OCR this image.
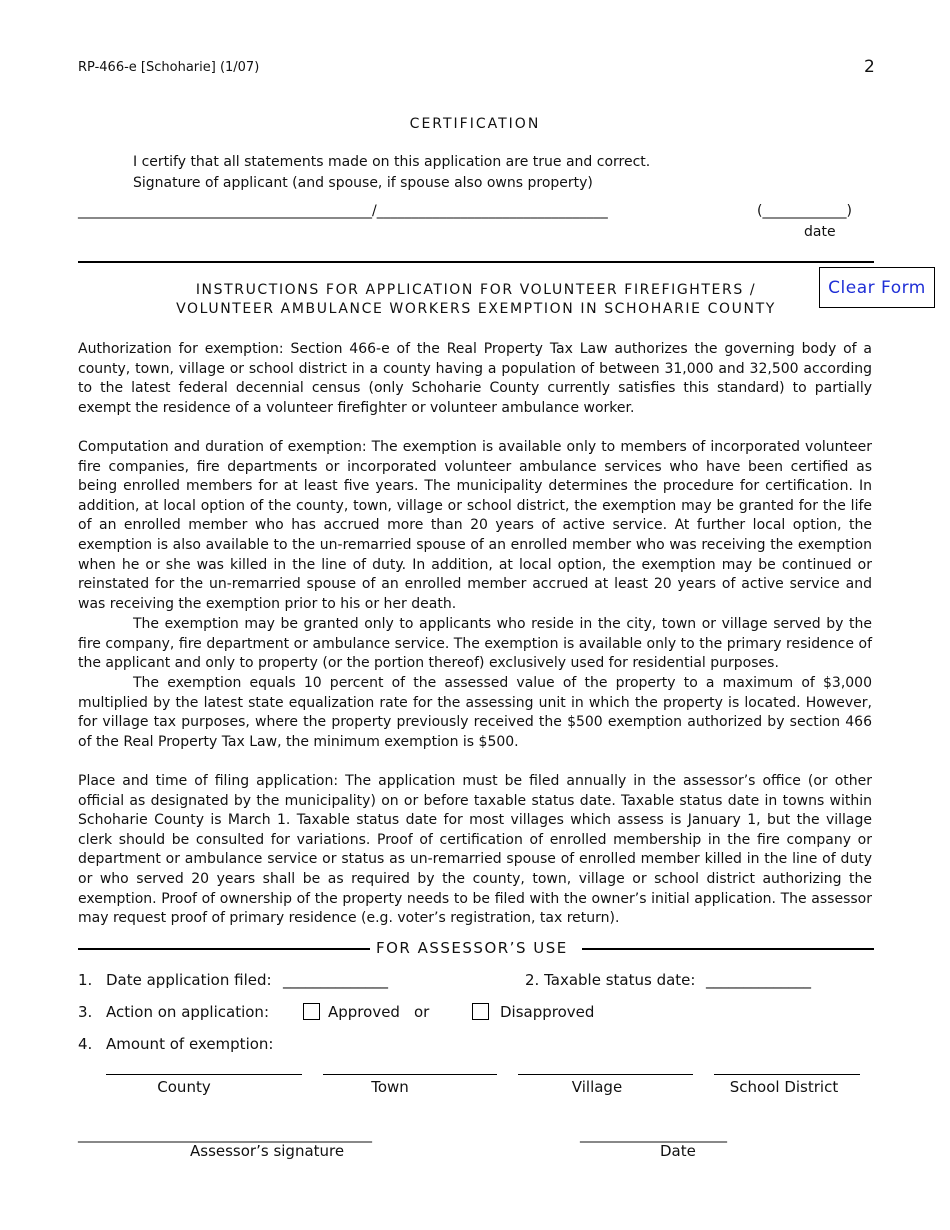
RP-466-e [Schoharie] (1/07)	2
CERTIFICATION
I certify that all statements made on this application are true and correct.
Signature of applicant (and spouse, if spouse also owns property)
__________________________________________/_________________________________	(____________)
date
Clear Form
INSTRUCTIONS FOR APPLICATION FOR VOLUNTEER FIREFIGHTERS /
VOLUNTEER AMBULANCE WORKERS EXEMPTION IN SCHOHARIE COUNTY

Authorization for exemption: Section 466-e of the Real Property Tax Law authorizes the governing body of a county, town, village or school district in a county having a population of between 31,000 and 32,500 according to the latest federal decennial census (only Schoharie County currently satisfies this standard) to partially exempt the residence of a volunteer firefighter or volunteer ambulance worker.

Computation and duration of exemption: The exemption is available only to members of incorporated volunteer fire companies, fire departments or incorporated volunteer ambulance services who have been certified as being enrolled members for at least five years. The municipality determines the procedure for certification. In addition, at local option of the county, town, village or school district, the exemption may be granted for the life of an enrolled member who has accrued more than 20 years of active service. At further local option, the exemption is also available to the un-remarried spouse of an enrolled member who was receiving the exemption when he or she was killed in the line of duty. In addition, at local option, the exemption may be continued or reinstated for the un-remarried spouse of an enrolled member accrued at least 20 years of active service and was receiving the exemption prior to his or her death.

The exemption may be granted only to applicants who reside in the city, town or village served by the fire company, fire department or ambulance service. The exemption is available only to the primary residence of the applicant and only to property (or the portion thereof) exclusively used for residential purposes.

The exemption equals 10 percent of the assessed value of the property to a maximum of $3,000 multiplied by the latest state equalization rate for the assessing unit in which the property is located. However, for village tax purposes, where the property previously received the $500 exemption authorized by section 466 of the Real Property Tax Law, the minimum exemption is $500.

Place and time of filing application: The application must be filed annually in the assessor’s office (or other official as designated by the municipality) on or before taxable status date. Taxable status date in towns within Schoharie County is March 1. Taxable status date for most villages which assess is January 1, but the village clerk should be consulted for variations. Proof of certification of enrolled membership in the fire company or department or ambulance service or status as un-remarried spouse of enrolled member killed in the line of duty or who served 20 years shall be as required by the county, town, village or school district authorizing the exemption. Proof of ownership of the property needs to be filed with the owner’s initial application. The assessor may request proof of primary residence (e.g. voter’s registration, tax return).

FOR ASSESSOR’S USE
1. Date application filed: ______________	2. Taxable status date: ______________
3. Action on application:	Approved or	Disapproved
4. Amount of exemption:
County	Town	Village	School District
__________________________________________
Assessor’s signature
_____________________
Date
